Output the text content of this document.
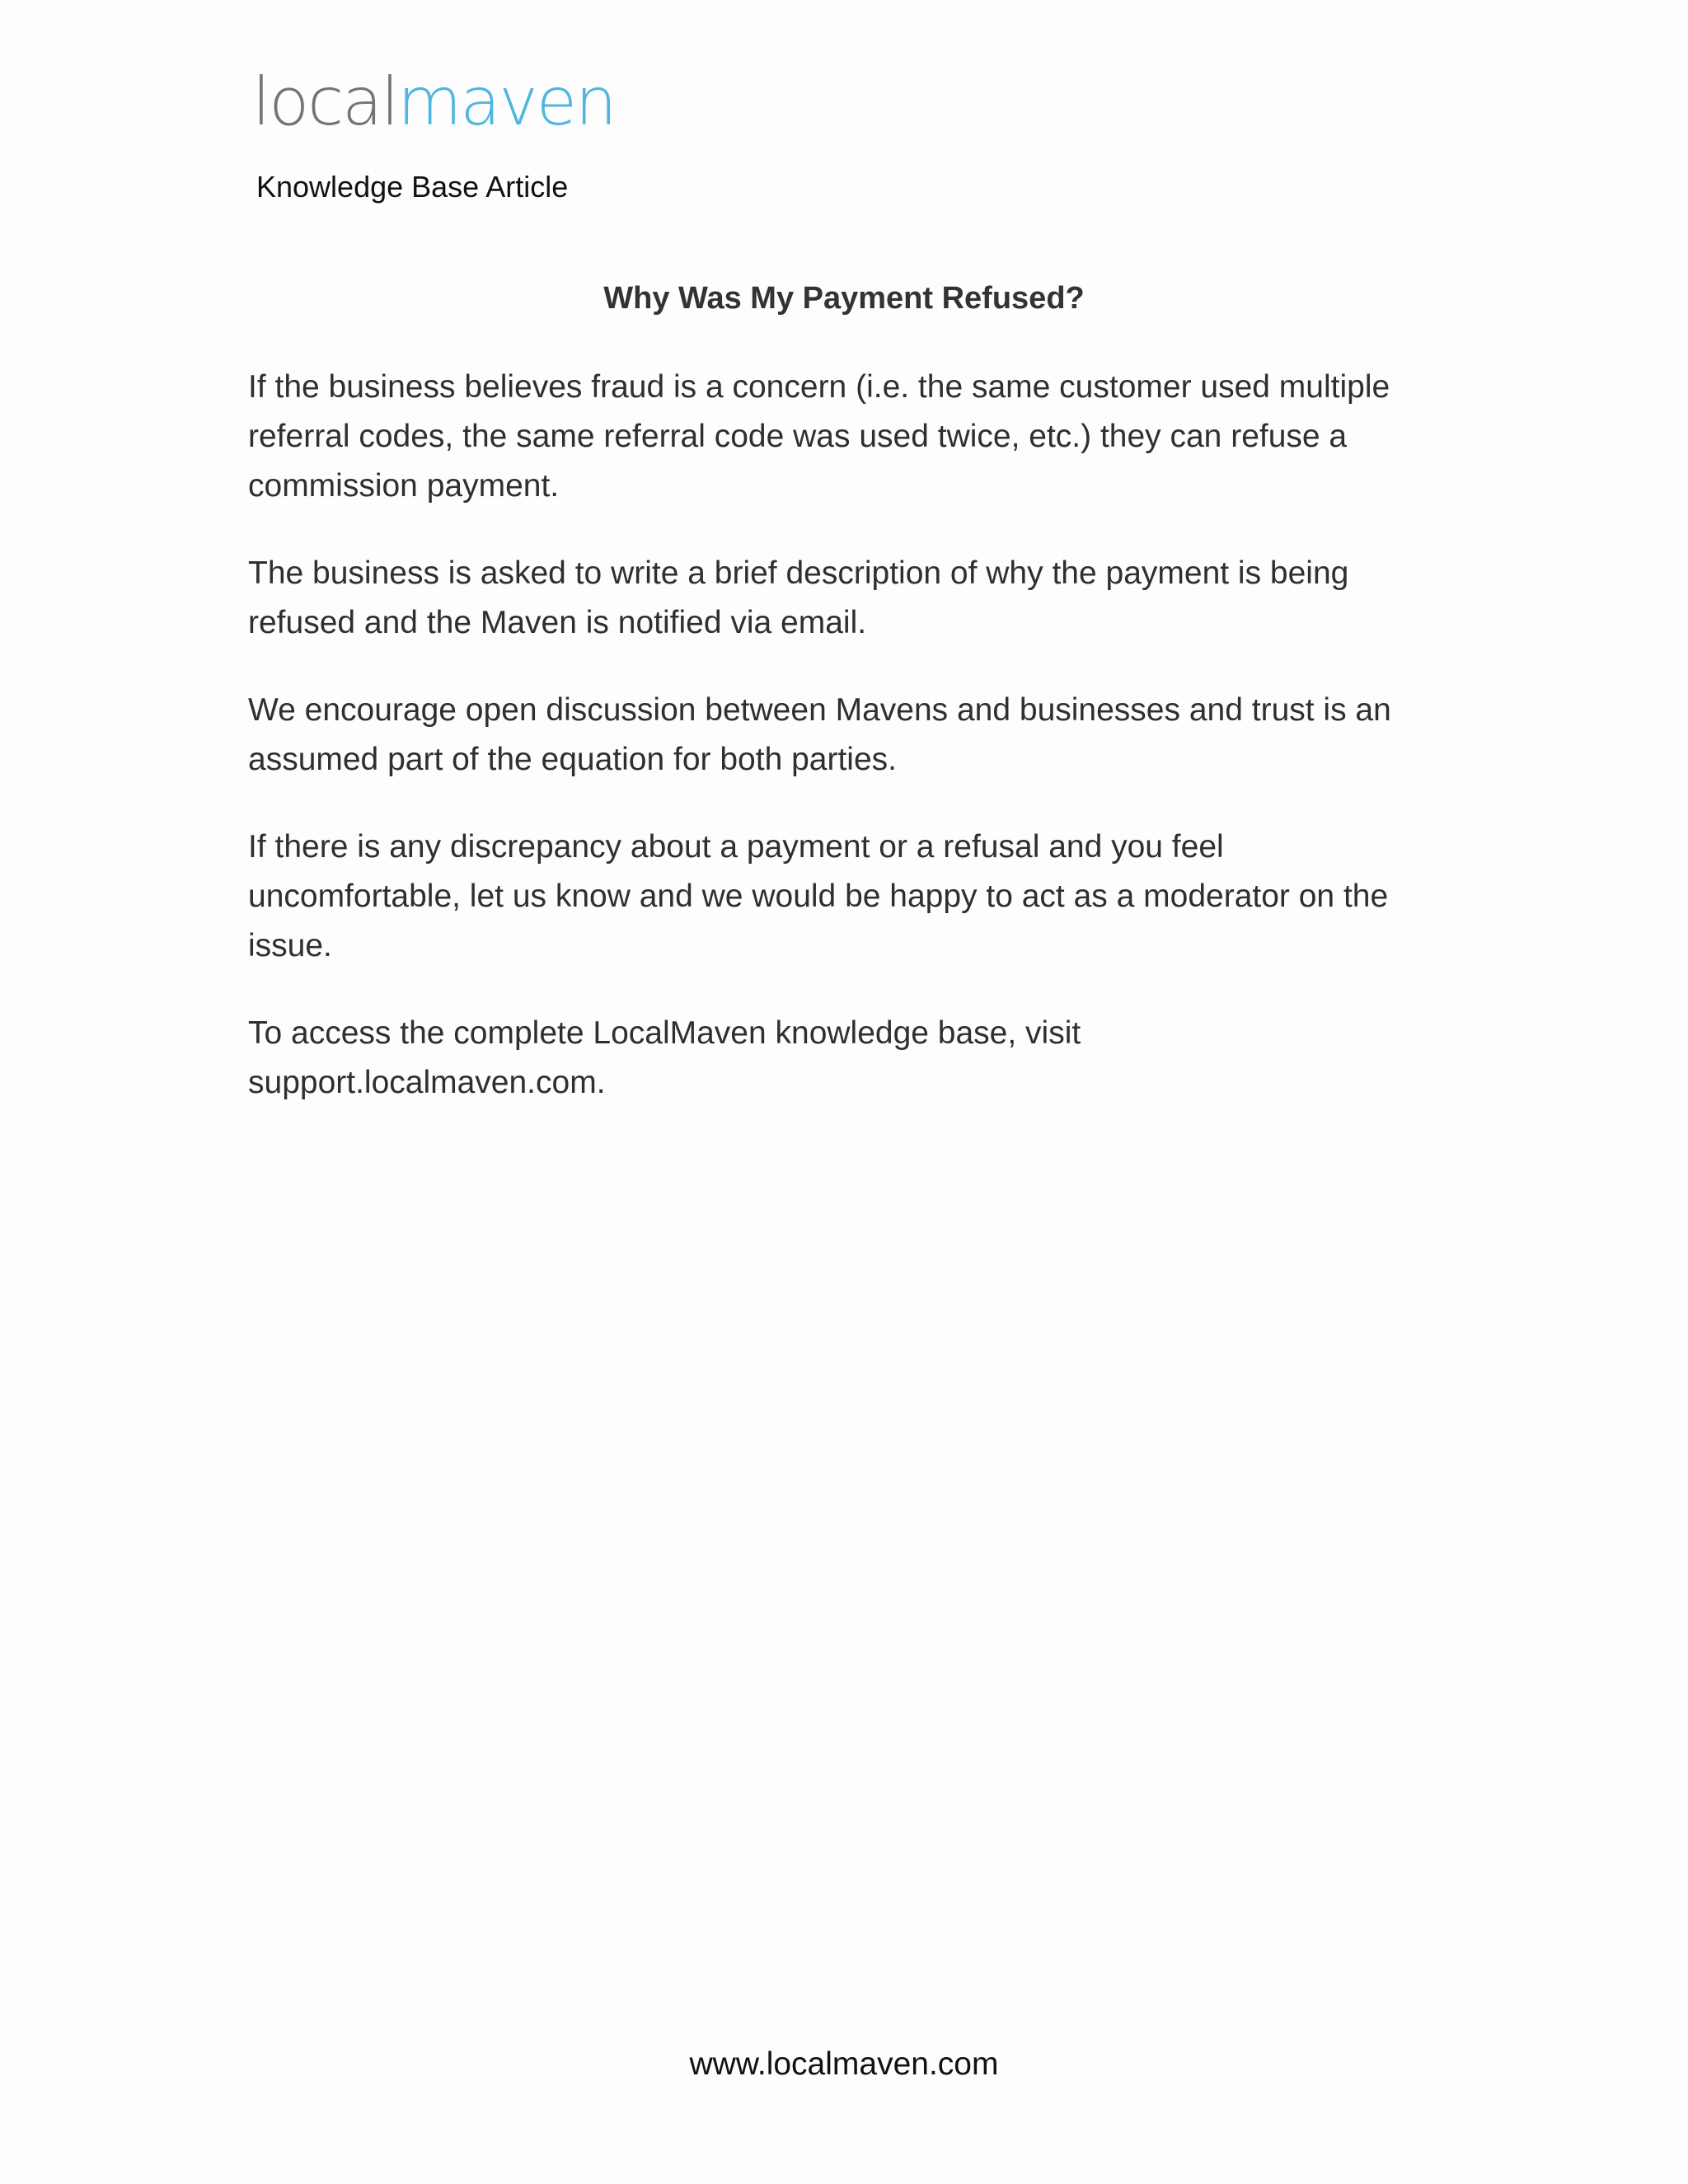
localmaven
Knowledge Base Article
Why Was My Payment Refused?

If the business believes fraud is a concern (i.e. the same customer used multiple referral codes, the same referral code was used twice, etc.) they can refuse a commission payment.

The business is asked to write a brief description of why the payment is being refused and the Maven is notified via email.

We encourage open discussion between Mavens and businesses and trust is an assumed part of the equation for both parties.

If there is any discrepancy about a payment or a refusal and you feel uncomfortable, let us know and we would be happy to act as a moderator on the issue.

To access the complete LocalMaven knowledge base, visit support.localmaven.com.

www.localmaven.com
